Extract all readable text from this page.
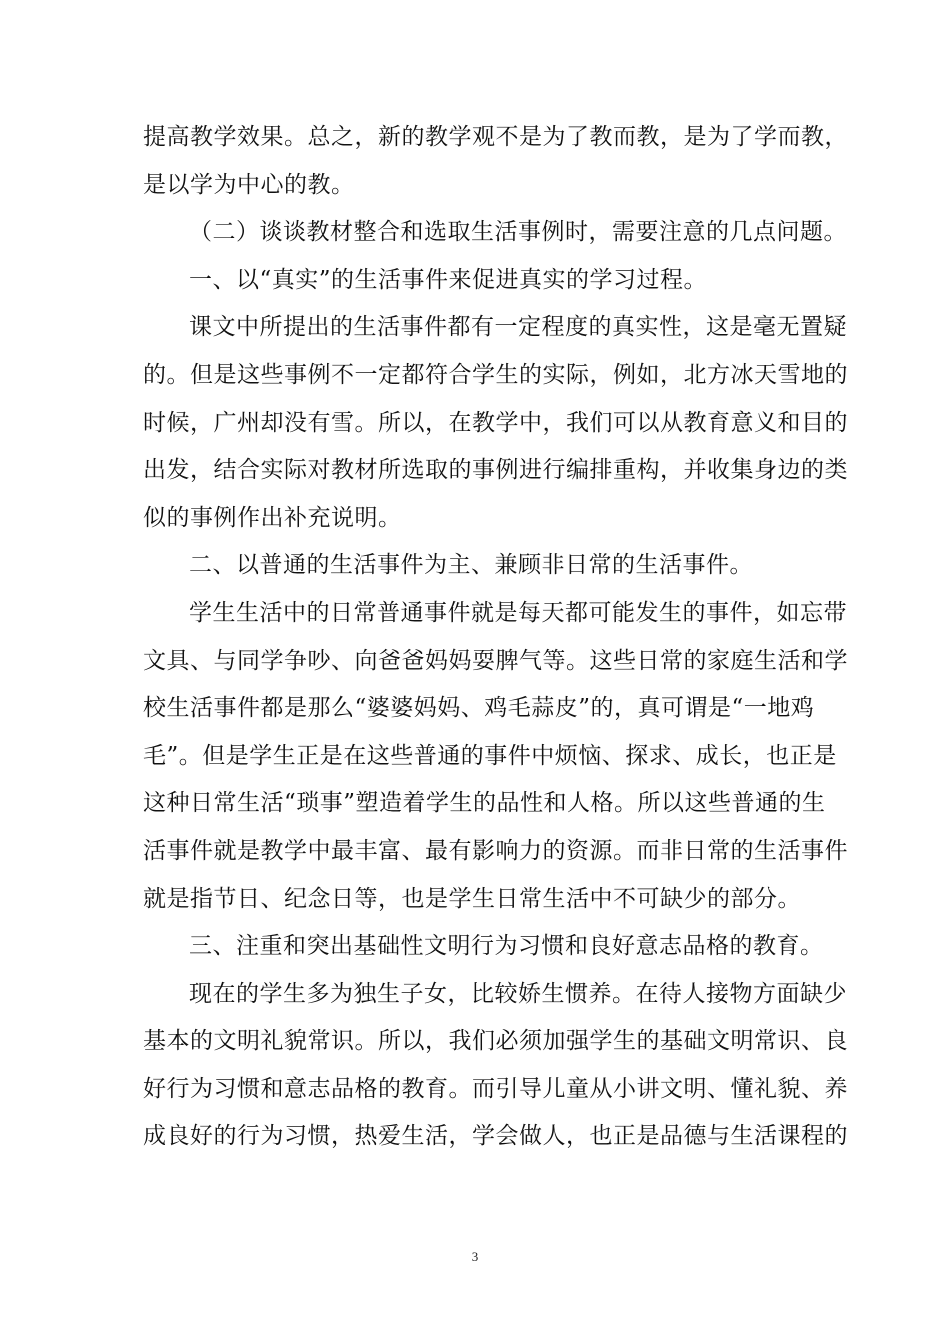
提高教学效果。总之，新的教学观不是为了教而教，是为了学而教，
是以学为中心的教。
（二）谈谈教材整合和选取生活事例时，需要注意的几点问题。
一、以“真实”的生活事件来促进真实的学习过程。
课文中所提出的生活事件都有一定程度的真实性，这是毫无置疑
的。但是这些事例不一定都符合学生的实际，例如，北方冰天雪地的
时候，广州却没有雪。所以，在教学中，我们可以从教育意义和目的
出发，结合实际对教材所选取的事例进行编排重构，并收集身边的类
似的事例作出补充说明。
二、以普通的生活事件为主、兼顾非日常的生活事件。
学生生活中的日常普通事件就是每天都可能发生的事件，如忘带
文具、与同学争吵、向爸爸妈妈耍脾气等。这些日常的家庭生活和学
校生活事件都是那么“婆婆妈妈、鸡毛蒜皮”的，真可谓是“一地鸡
毛”。但是学生正是在这些普通的事件中烦恼、探求、成长，也正是
这种日常生活“琐事”塑造着学生的品性和人格。所以这些普通的生
活事件就是教学中最丰富、最有影响力的资源。而非日常的生活事件
就是指节日、纪念日等，也是学生日常生活中不可缺少的部分。
三、注重和突出基础性文明行为习惯和良好意志品格的教育。
现在的学生多为独生子女，比较娇生惯养。在待人接物方面缺少
基本的文明礼貌常识。所以，我们必须加强学生的基础文明常识、良
好行为习惯和意志品格的教育。而引导儿童从小讲文明、懂礼貌、养
成良好的行为习惯，热爱生活，学会做人，也正是品德与生活课程的
3
